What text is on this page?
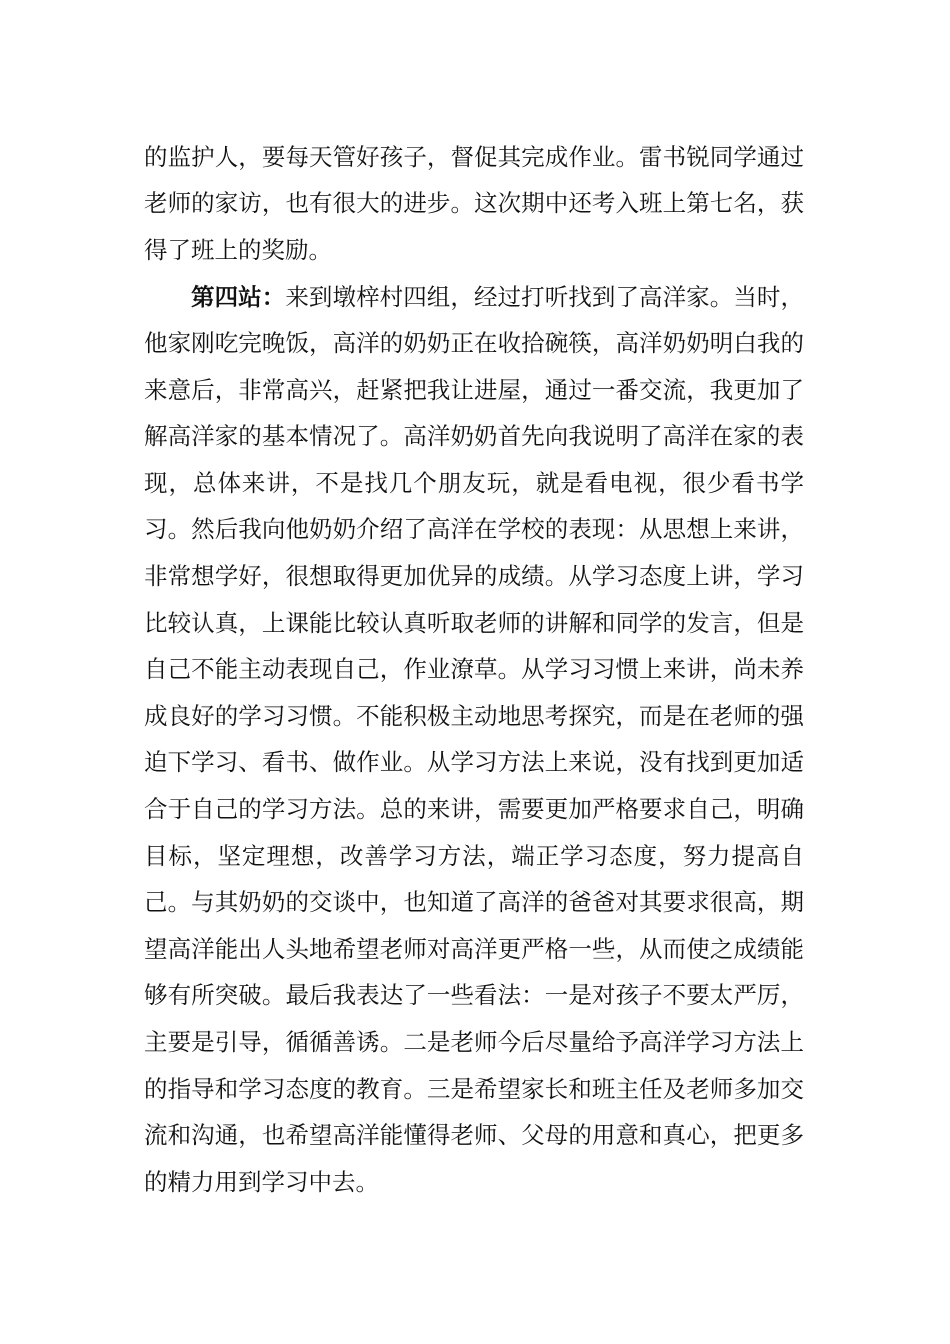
的监护人，要每天管好孩子，督促其完成作业。雷书锐同学通过老师的家访，也有很大的进步。这次期中还考入班上第七名，获得了班上的奖励。

第四站：来到墩梓村四组，经过打听找到了高洋家。当时，他家刚吃完晚饭，高洋的奶奶正在收拾碗筷，高洋奶奶明白我的来意后，非常高兴，赶紧把我让进屋，通过一番交流，我更加了解高洋家的基本情况了。高洋奶奶首先向我说明了高洋在家的表现，总体来讲，不是找几个朋友玩，就是看电视，很少看书学习。然后我向他奶奶介绍了高洋在学校的表现：从思想上来讲，非常想学好，很想取得更加优异的成绩。从学习态度上讲，学习比较认真，上课能比较认真听取老师的讲解和同学的发言，但是自己不能主动表现自己，作业潦草。从学习习惯上来讲，尚未养成良好的学习习惯。不能积极主动地思考探究，而是在老师的强迫下学习、看书、做作业。从学习方法上来说，没有找到更加适合于自己的学习方法。总的来讲，需要更加严格要求自己，明确目标，坚定理想，改善学习方法，端正学习态度，努力提高自己。与其奶奶的交谈中，也知道了高洋的爸爸对其要求很高，期望高洋能出人头地希望老师对高洋更严格一些，从而使之成绩能够有所突破。最后我表达了一些看法：一是对孩子不要太严厉，主要是引导，循循善诱。二是老师今后尽量给予高洋学习方法上的指导和学习态度的教育。三是希望家长和班主任及老师多加交流和沟通，也希望高洋能懂得老师、父母的用意和真心，把更多的精力用到学习中去。
